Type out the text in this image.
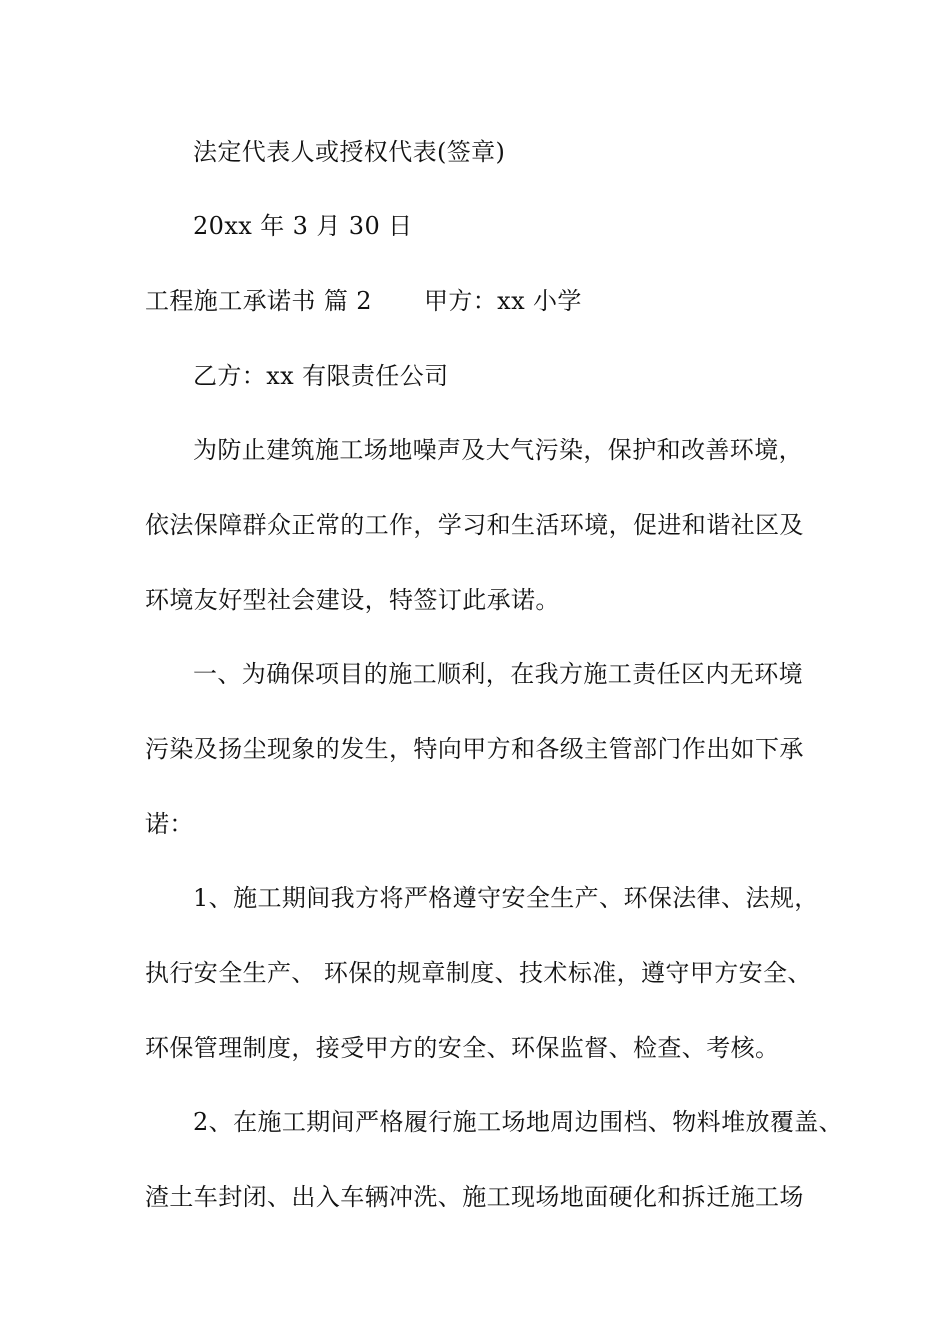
法定代表人或授权代表(签章)
20xx 年 3 月 30 日
工程施工承诺书 篇 2 甲方：xx 小学
乙方：xx 有限责任公司
为防止建筑施工场地噪声及大气污染，保护和改善环境，
依法保障群众正常的工作，学习和生活环境，促进和谐社区及
环境友好型社会建设，特签订此承诺。
一、为确保项目的施工顺利，在我方施工责任区内无环境
污染及扬尘现象的发生，特向甲方和各级主管部门作出如下承
诺：
1、施工期间我方将严格遵守安全生产、环保法律、法规，
执行安全生产、 环保的规章制度、技术标准，遵守甲方安全、
环保管理制度，接受甲方的安全、环保监督、检查、考核。
2、在施工期间严格履行施工场地周边围档、物料堆放覆盖、
渣土车封闭、出入车辆冲洗、施工现场地面硬化和拆迁施工场
